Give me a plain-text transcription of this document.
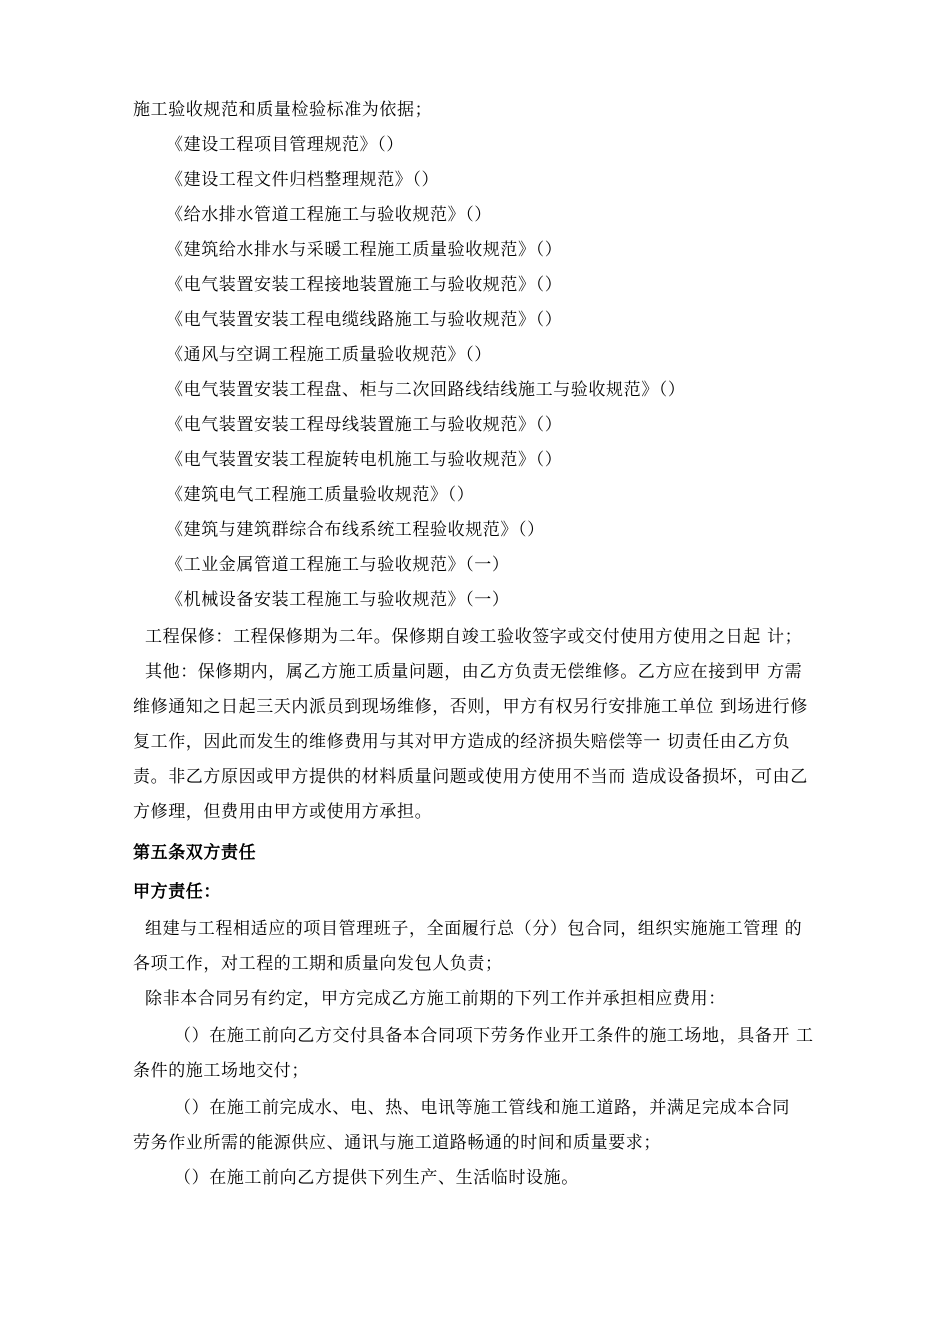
施工验收规范和质量检验标准为依据；
《建设工程项目管理规范》（）
《建设工程文件归档整理规范》（）
《给水排水管道工程施工与验收规范》（）
《建筑给水排水与采暖工程施工质量验收规范》（）
《电气装置安装工程接地装置施工与验收规范》（）
《电气装置安装工程电缆线路施工与验收规范》（）
《通风与空调工程施工质量验收规范》（）
《电气装置安装工程盘、柜与二次回路线结线施工与验收规范》（）
《电气装置安装工程母线装置施工与验收规范》（）
《电气装置安装工程旋转电机施工与验收规范》（）
《建筑电气工程施工质量验收规范》（）
《建筑与建筑群综合布线系统工程验收规范》（）
《工业金属管道工程施工与验收规范》（一）
《机械设备安装工程施工与验收规范》（一）
工程保修：工程保修期为二年。保修期自竣工验收签字或交付使用方使用之日起 计；
其他：保修期内，属乙方施工质量问题，由乙方负责无偿维修。乙方应在接到甲 方需
维修通知之日起三天内派员到现场维修，否则，甲方有权另行安排施工单位 到场进行修
复工作，因此而发生的维修费用与其对甲方造成的经济损失赔偿等一 切责任由乙方负
责。非乙方原因或甲方提供的材料质量问题或使用方使用不当而 造成设备损坏，可由乙
方修理，但费用由甲方或使用方承担。
第五条双方责任
甲方责任：
组建与工程相适应的项目管理班子，全面履行总（分）包合同，组织实施施工管理 的
各项工作，对工程的工期和质量向发包人负责；
除非本合同另有约定，甲方完成乙方施工前期的下列工作并承担相应费用：
（）在施工前向乙方交付具备本合同项下劳务作业开工条件的施工场地，具备开 工
条件的施工场地交付；
（）在施工前完成水、电、热、电讯等施工管线和施工道路，并满足完成本合同
劳务作业所需的能源供应、通讯与施工道路畅通的时间和质量要求；
（）在施工前向乙方提供下列生产、生活临时设施。
